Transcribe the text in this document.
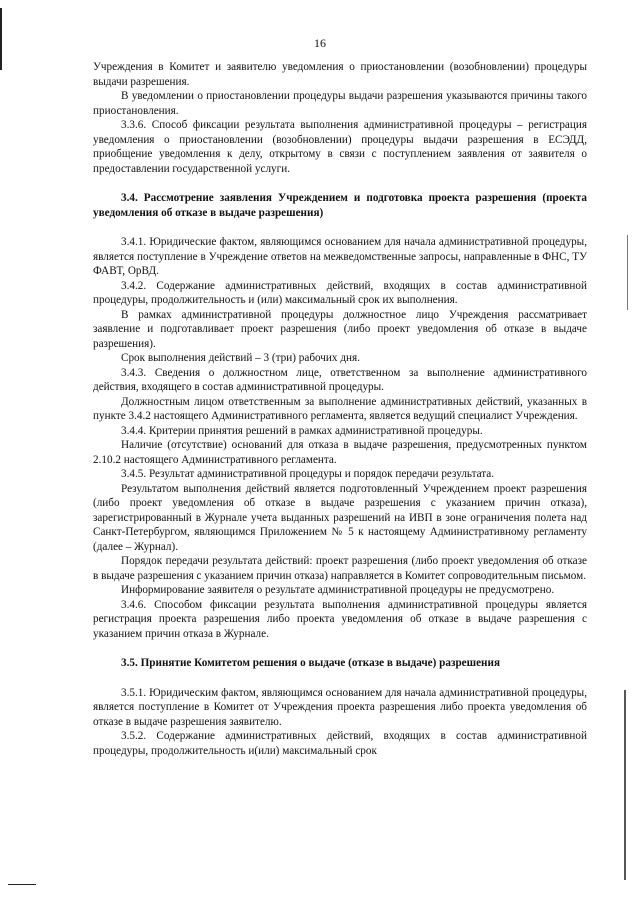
16

Учреждения в Комитет и заявителю уведомления о приостановлении (возобновлении) процедуры выдачи разрешения.

В уведомлении о приостановлении процедуры выдачи разрешения указываются причины такого приостановления.

3.3.6. Способ фиксации результата выполнения административной процедуры – регистрация уведомления о приостановлении (возобновлении) процедуры выдачи разрешения в ЕСЭДД, приобщение уведомления к делу, открытому в связи с поступлением заявления от заявителя о предоставлении государственной услуги.

3.4. Рассмотрение заявления Учреждением и подготовка проекта разрешения (проекта уведомления об отказе в выдаче разрешения)

3.4.1. Юридические фактом, являющимся основанием для начала административной процедуры, является поступление в Учреждение ответов на межведомственные запросы, направленные в ФНС, ТУ ФАВТ, ОрВД.

3.4.2. Содержание административных действий, входящих в состав административной процедуры, продолжительность и (или) максимальный срок их выполнения.

В рамках административной процедуры должностное лицо Учреждения рассматривает заявление и подготавливает проект разрешения (либо проект уведомления об отказе в выдаче разрешения).

Срок выполнения действий – 3 (три) рабочих дня.

3.4.3. Сведения о должностном лице, ответственном за выполнение административного действия, входящего в состав административной процедуры.

Должностным лицом ответственным за выполнение административных действий, указанных в пункте 3.4.2 настоящего Административного регламента, является ведущий специалист Учреждения.

3.4.4. Критерии принятия решений в рамках административной процедуры.

Наличие (отсутствие) оснований для отказа в выдаче разрешения, предусмотренных пунктом 2.10.2 настоящего Административного регламента.

3.4.5. Результат административной процедуры и порядок передачи результата.

Результатом выполнения действий является подготовленный Учреждением проект разрешения (либо проект уведомления об отказе в выдаче разрешения с указанием причин отказа), зарегистрированный в Журнале учета выданных разрешений на ИВП в зоне ограничения полета над Санкт-Петербургом, являющимся Приложением № 5 к настоящему Административному регламенту (далее – Журнал).

Порядок передачи результата действий: проект разрешения (либо проект уведомления об отказе в выдаче разрешения с указанием причин отказа) направляется в Комитет сопроводительным письмом.

Информирование заявителя о результате административной процедуры не предусмотрено.

3.4.6. Способом фиксации результата выполнения административной процедуры является регистрация проекта разрешения либо проекта уведомления об отказе в выдаче разрешения с указанием причин отказа в Журнале.

3.5. Принятие Комитетом решения о выдаче (отказе в выдаче) разрешения

3.5.1. Юридическим фактом, являющимся основанием для начала административной процедуры, является поступление в Комитет от Учреждения проекта разрешения либо проекта уведомления об отказе в выдаче разрешения заявителю.

3.5.2. Содержание административных действий, входящих в состав административной процедуры, продолжительность и(или) максимальный срок
